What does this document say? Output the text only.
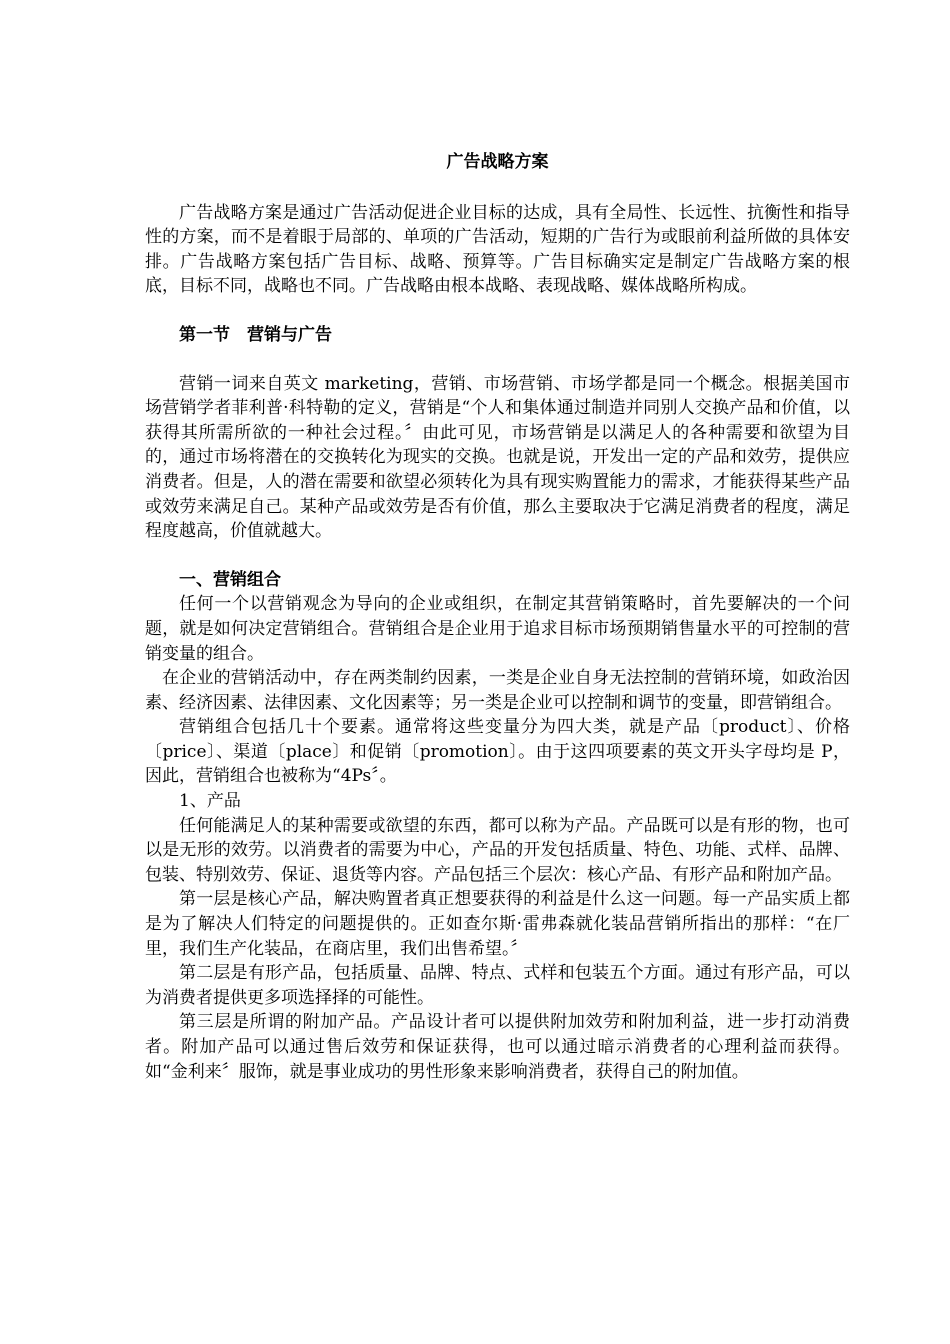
广告战略方案

广告战略方案是通过广告活动促进企业目标的达成，具有全局性、长远性、抗衡性和指导性的方案，而不是着眼于局部的、单项的广告活动，短期的广告行为或眼前利益所做的具体安排。广告战略方案包括广告目标、战略、预算等。广告目标确实定是制定广告战略方案的根底，目标不同，战略也不同。广告战略由根本战略、表现战略、媒体战略所构成。

第一节　营销与广告

营销一词来自英文 marketing，营销、市场营销、市场学都是同一个概念。根据美国市场营销学者菲利普·科特勒的定义，营销是“个人和集体通过制造并同别人交换产品和价值，以获得其所需所欲的一种社会过程。〞由此可见，市场营销是以满足人的各种需要和欲望为目的，通过市场将潜在的交换转化为现实的交换。也就是说，开发出一定的产品和效劳，提供应消费者。但是，人的潜在需要和欲望必须转化为具有现实购置能力的需求，才能获得某些产品或效劳来满足自己。某种产品或效劳是否有价值，那么主要取决于它满足消费者的程度，满足程度越高，价值就越大。

一、营销组合

任何一个以营销观念为导向的企业或组织，在制定其营销策略时，首先要解决的一个问题，就是如何决定营销组合。营销组合是企业用于追求目标市场预期销售量水平的可控制的营销变量的组合。

在企业的营销活动中，存在两类制约因素，一类是企业自身无法控制的营销环境，如政治因素、经济因素、法律因素、文化因素等；另一类是企业可以控制和调节的变量，即营销组合。

营销组合包括几十个要素。通常将这些变量分为四大类，就是产品〔product〕、价格〔price〕、渠道〔place〕和促销〔promotion〕。由于这四项要素的英文开头字母均是 P，因此，营销组合也被称为“4Ps〞。

1、产品

任何能满足人的某种需要或欲望的东西，都可以称为产品。产品既可以是有形的物，也可以是无形的效劳。以消费者的需要为中心，产品的开发包括质量、特色、功能、式样、品牌、包装、特别效劳、保证、退货等内容。产品包括三个层次：核心产品、有形产品和附加产品。

第一层是核心产品，解决购置者真正想要获得的利益是什么这一问题。每一产品实质上都是为了解决人们特定的问题提供的。正如查尔斯·雷弗森就化装品营销所指出的那样：“在厂里，我们生产化装品，在商店里，我们出售希望。〞

第二层是有形产品，包括质量、品牌、特点、式样和包装五个方面。通过有形产品，可以为消费者提供更多项选择择的可能性。

第三层是所谓的附加产品。产品设计者可以提供附加效劳和附加利益，进一步打动消费者。附加产品可以通过售后效劳和保证获得，也可以通过暗示消费者的心理利益而获得。如“金利来〞服饰，就是事业成功的男性形象来影响消费者，获得自己的附加值。
